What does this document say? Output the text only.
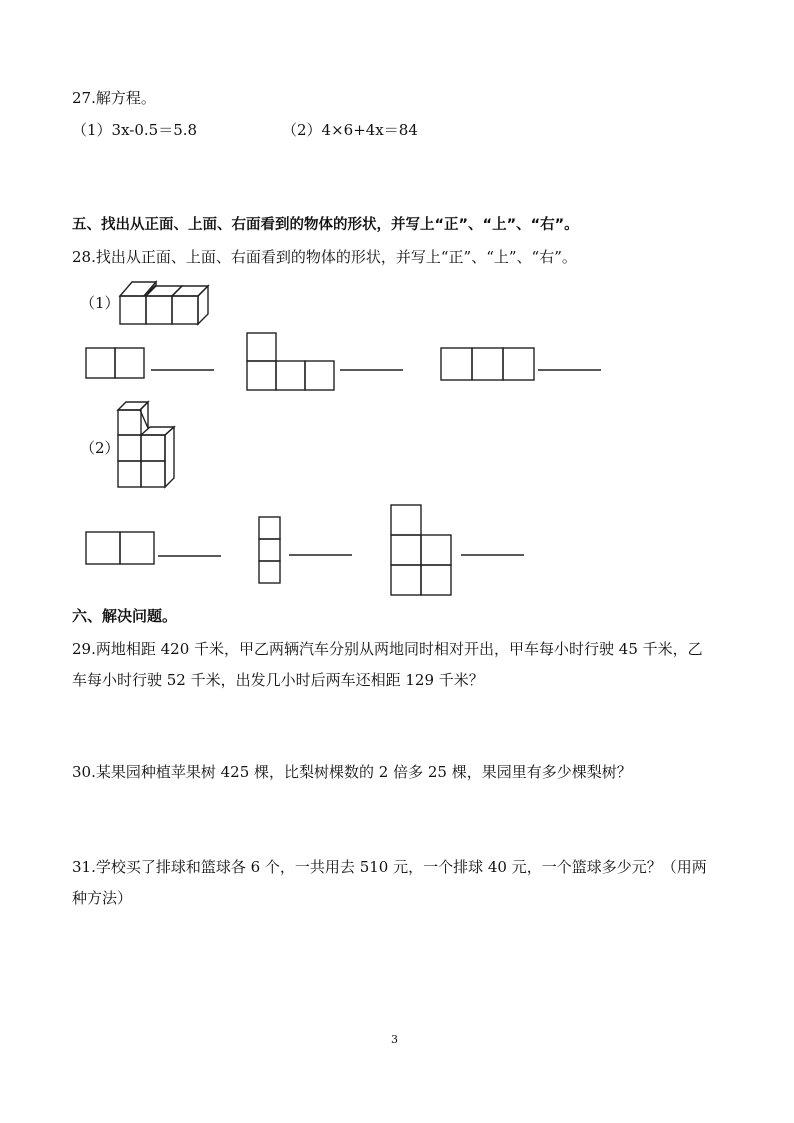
27.解方程。
（1）3x-0.5＝5.8	（2）4×6+4x＝84
五、找出从正面、上面、右面看到的物体的形状，并写上“正”、“上”、“右”。
28.找出从正面、上面、右面看到的物体的形状，并写上“正”、“上”、“右”。
（1）
（2）
六、解决问题。
29.两地相距 420 千米，甲乙两辆汽车分别从两地同时相对开出，甲车每小时行驶 45 千米，乙
车每小时行驶 52 千米，出发几小时后两车还相距 129 千米？
30.某果园种植苹果树 425 棵，比梨树棵数的 2 倍多 25 棵，果园里有多少棵梨树？
31.学校买了排球和篮球各 6 个，一共用去 510 元，一个排球 40 元，一个篮球多少元？（用两
种方法）
3
